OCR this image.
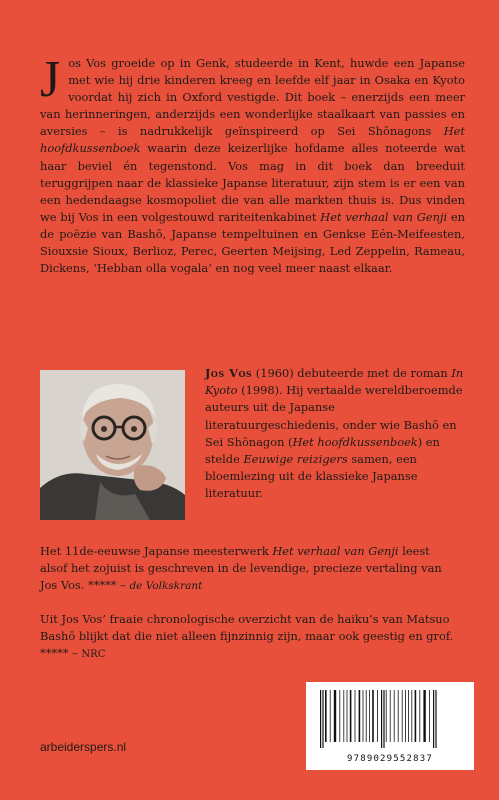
Jos Vos groeide op in Genk, studeerde in Kent, huwde een Japanse met wie hij drie kinderen kreeg en leefde elf jaar in Osaka en Kyoto voordat hij zich in Oxford vestigde. Dit boek – enerzijds een meer van herinneringen, anderzijds een wonderlijke staalkaart van passies en aversies – is nadrukkelijk geïnspireerd op Sei Shōnagons Het hoofdkussenboek waarin deze keizerlijke hofdame alles noteerde wat haar beviel én tegenstond. Vos mag in dit boek dan breeduit teruggrijpen naar de klassieke Japanse literatuur, zijn stem is er een van een hedendaagse kosmopoliet die van alle markten thuis is. Dus vinden we bij Vos in een volgestouwd rariteitenkabinet Het verhaal van Genji en de poëzie van Bashō, Japanse tempeltuinen en Genkse Eén-Meifeesten, Siouxsie Sioux, Berlioz, Perec, Geerten Meijsing, Led Zeppelin, Rameau, Dickens, ‘Hebban olla vogala’ en nog veel meer naast elkaar.
Jos Vos (1960) debuteerde met de roman In Kyoto (1998). Hij vertaalde wereldberoemde auteurs uit de Japanse literatuurgeschiedenis, onder wie Bashō en Sei Shōnagon (Het hoofdkussenboek) en stelde Eeuwige reizigers samen, een bloemlezing uit de klassieke Japanse literatuur.
Het 11de-eeuwse Japanse meesterwerk Het verhaal van Genji leest alsof het zojuist is geschreven in de levendige, precieze vertaling van Jos Vos. ***** – de Volkskrant
Uit Jos Vos’ fraaie chronologische overzicht van de haiku’s van Matsuo Bashō blijkt dat die niet alleen fijnzinnig zijn, maar ook geestig en grof. ***** – NRC
arbeiderspers.nl
9789029552837
